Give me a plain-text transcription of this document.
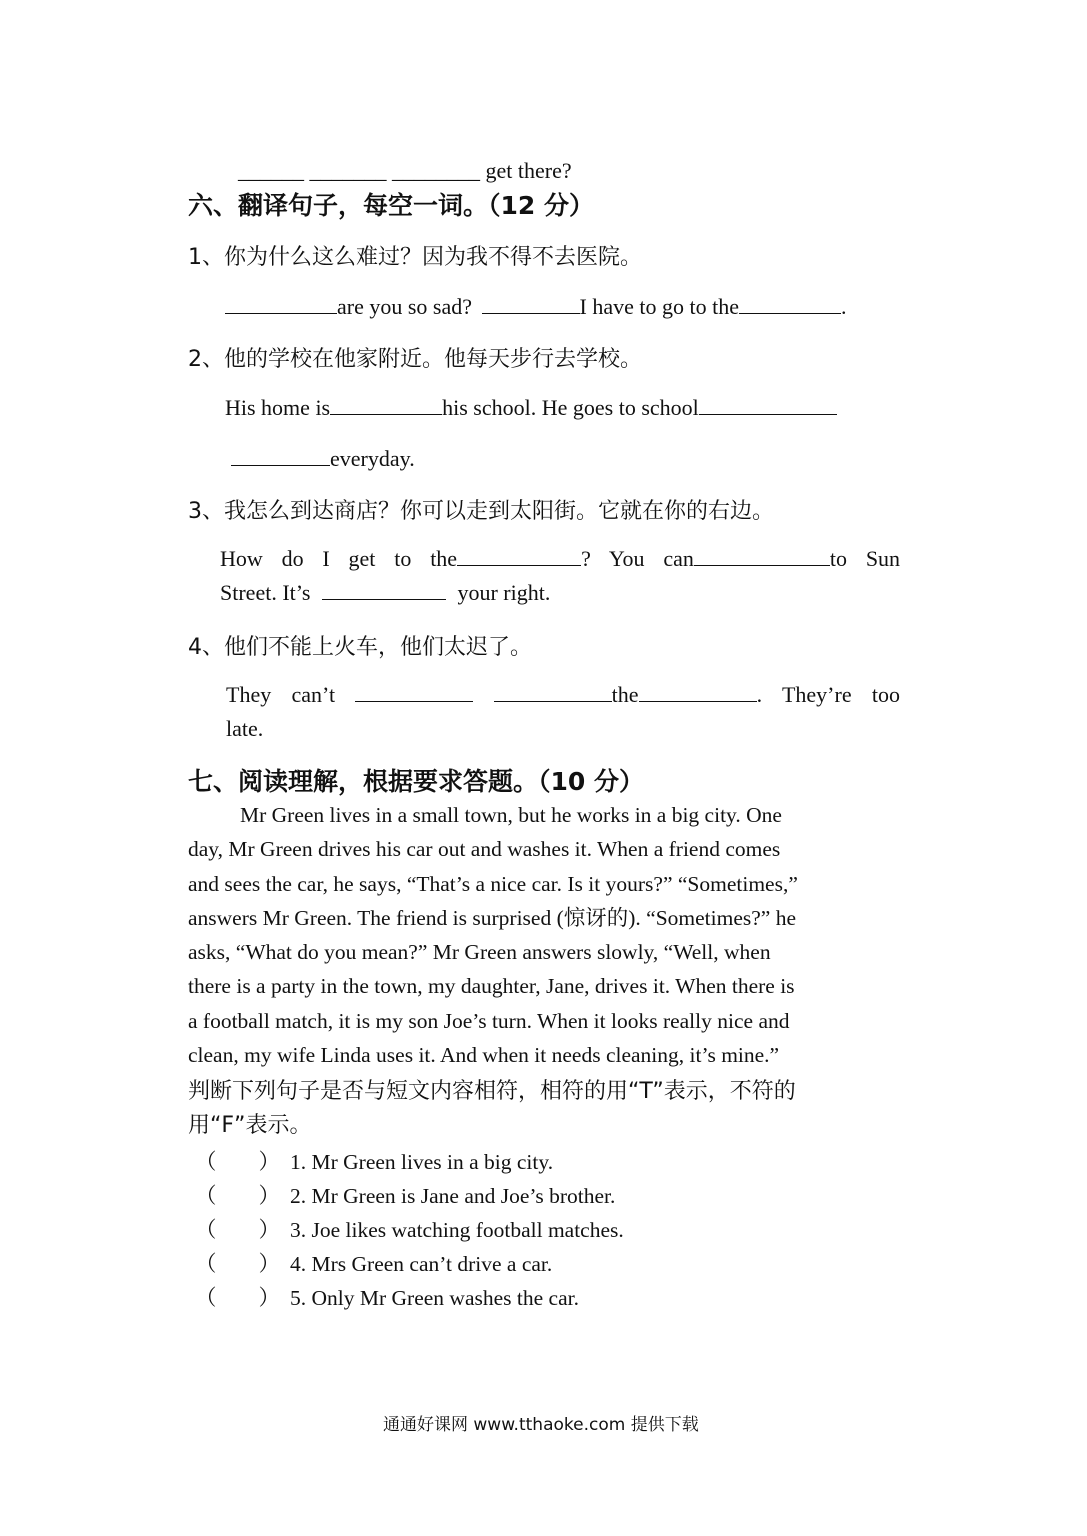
______ _______ ________ get there?
六、翻译句子，每空一词。（12 分）
1、你为什么这么难过？因为我不得不去医院。
are you so sad?	I have to go to the	.
2、他的学校在他家附近。他每天步行去学校。
His home is	his school. He goes to school
everyday.
3、我怎么到达商店？你可以走到太阳街。它就在你的右边。
How do I get to the	? You can	to Sun
Street. It’s	your right.
4、他们不能上火车，他们太迟了。
They can’t	the	. They’re too
late.
七、阅读理解，根据要求答题。（10 分）

Mr Green lives in a small town, but he works in a big city. One

day, Mr Green drives his car out and washes it. When a friend comes

and sees the car, he says, “That’s a nice car. Is it yours?” “Sometimes,”

answers Mr Green. The friend is surprised (惊讶的). “Sometimes?” he

asks, “What do you mean?” Mr Green answers slowly, “Well, when

there is a party in the town, my daughter, Jane, drives it. When there is

a football match, it is my son Joe’s turn. When it looks really nice and

clean, my wife Linda uses it. And when it needs cleaning, it’s mine.”

判断下列句子是否与短文内容相符，相符的用“T”表示，不符的
用“F”表示。
（ ） 1. Mr Green lives in a big city.
（ ） 2. Mr Green is Jane and Joe’s brother.
（ ） 3. Joe likes watching football matches.
（ ） 4. Mrs Green can’t drive a car.
（ ） 5. Only Mr Green washes the car.
通通好课网 www.tthaoke.com 提供下载
